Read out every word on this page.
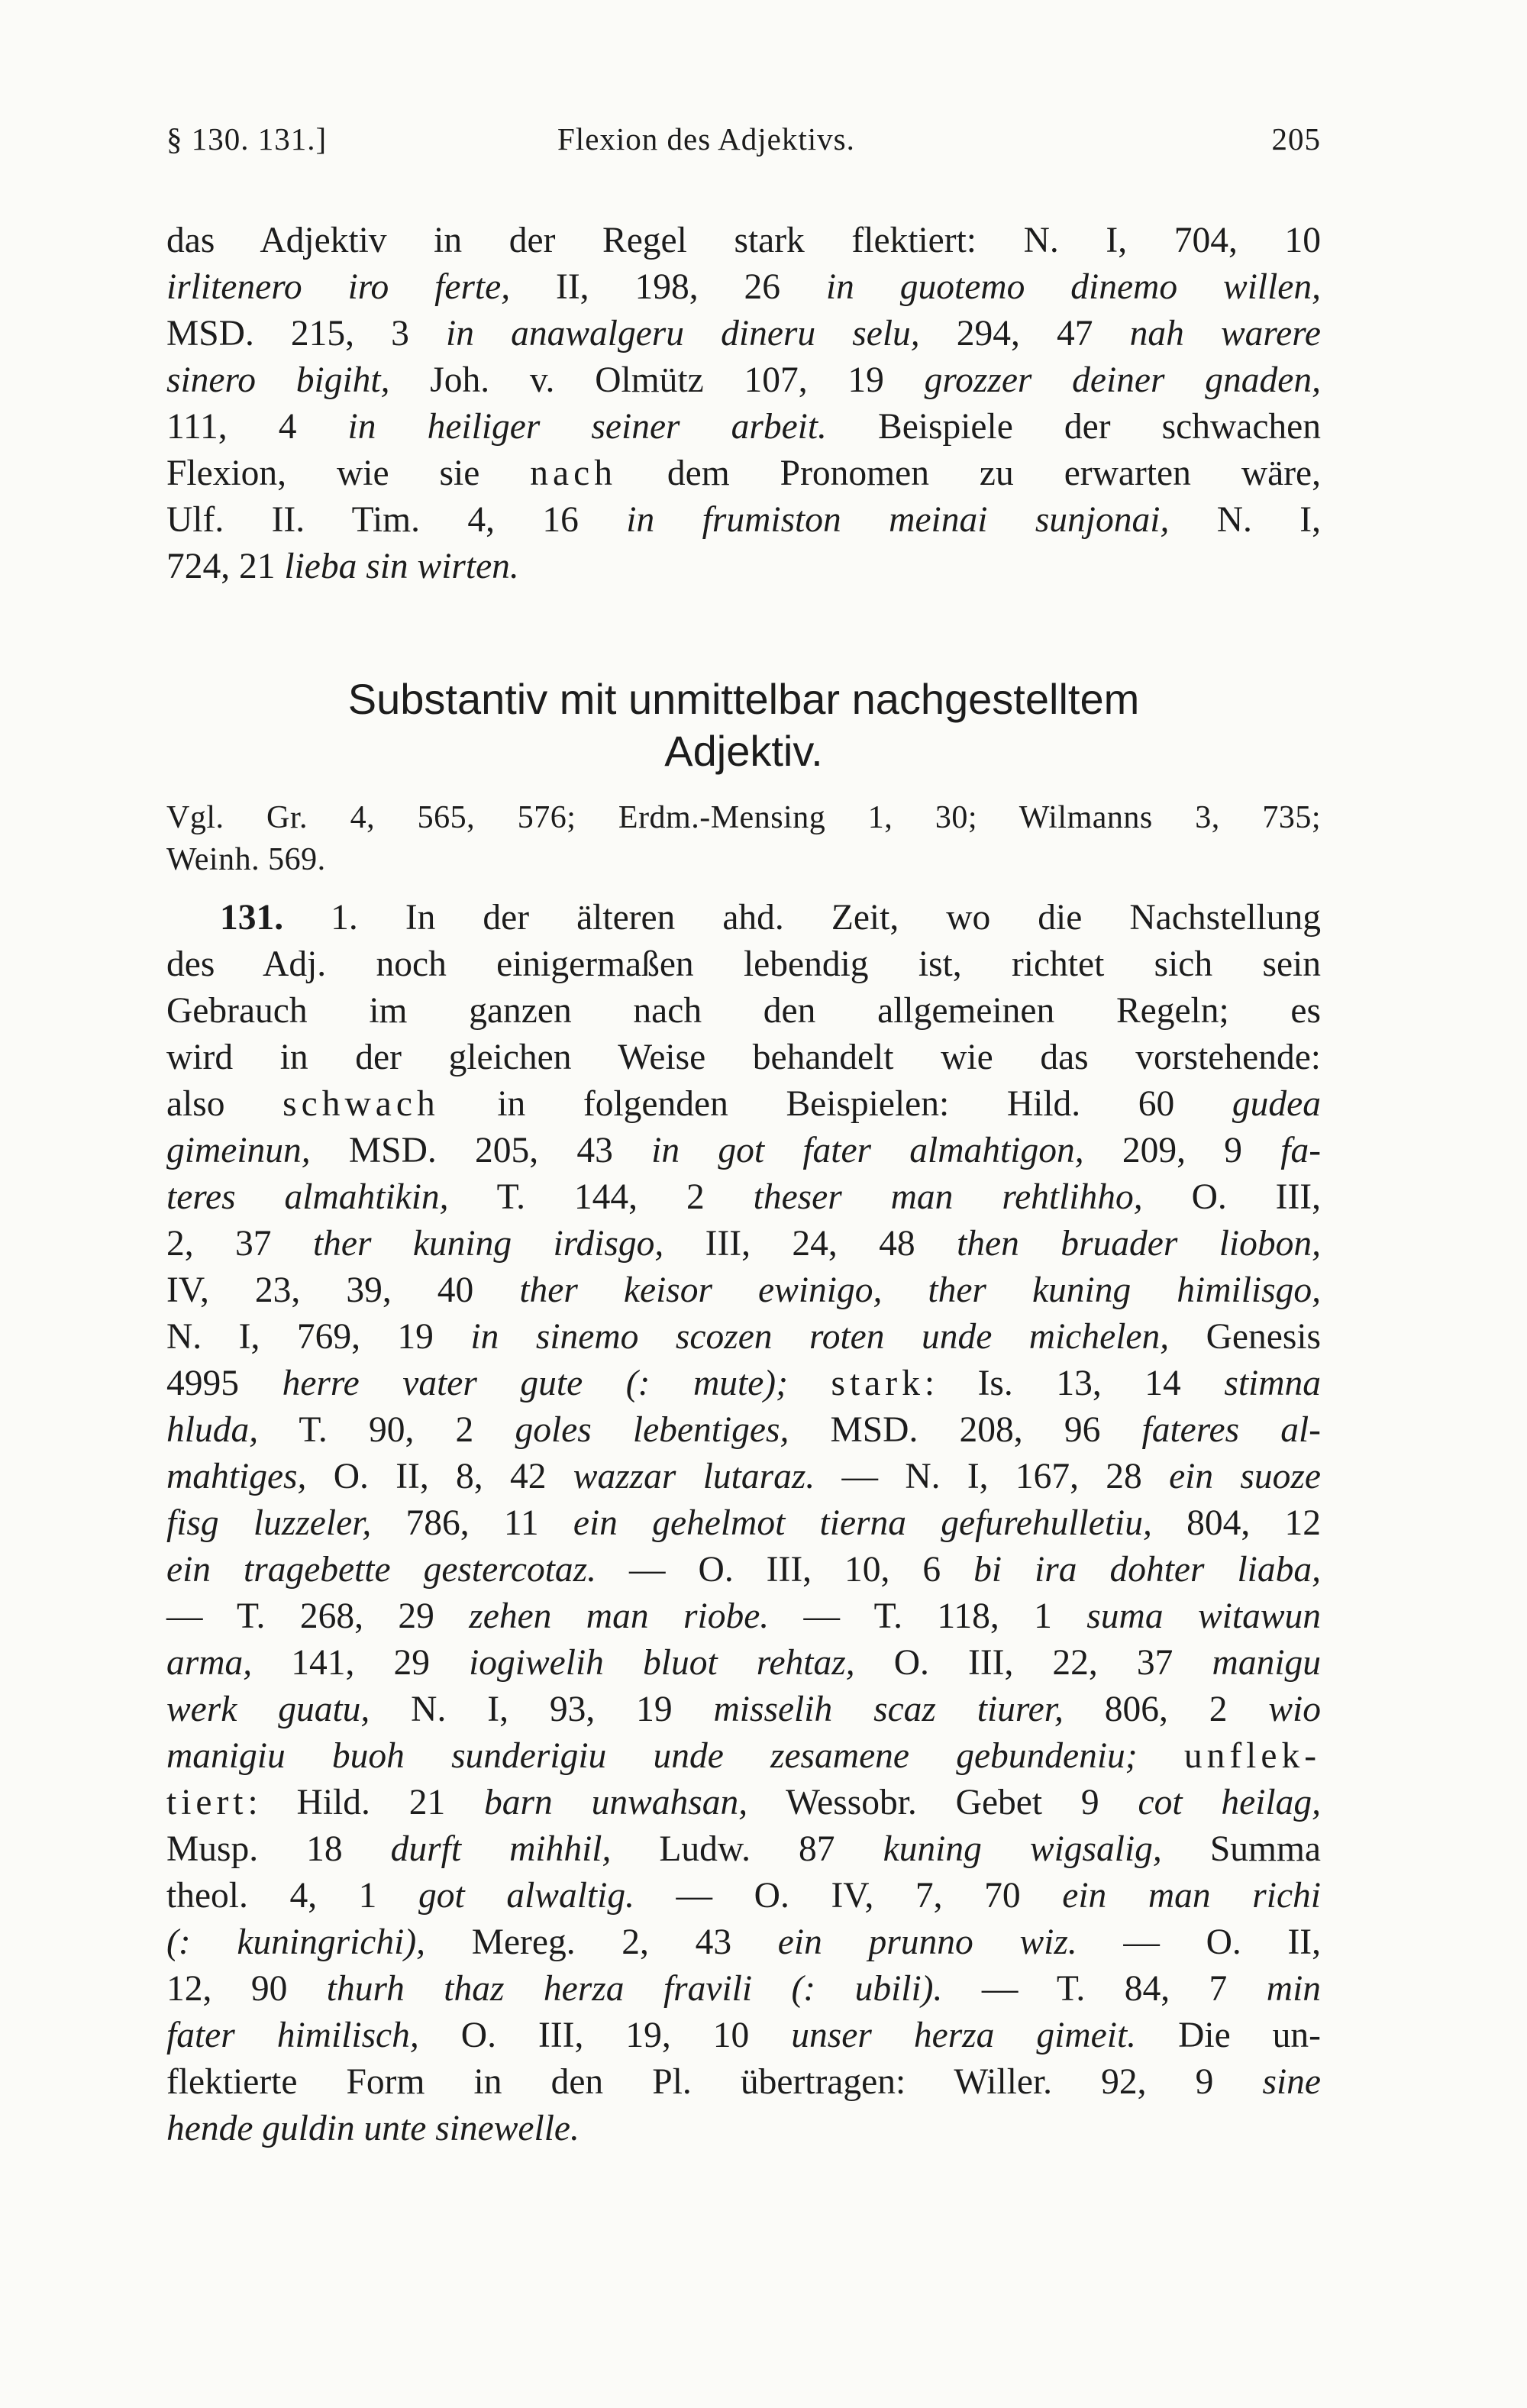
§ 130. 131.]	Flexion des Adjektivs.	205
das Adjektiv in der Regel stark flektiert: N. I, 704, 10
irlitenero iro ferte, II, 198, 26 in guotemo dinemo willen,
MSD. 215, 3 in anawalgeru dineru selu, 294, 47 nah warere
sinero bigiht, Joh. v. Olmütz 107, 19 grozzer deiner gnaden,
111, 4 in heiliger seiner arbeit. Beispiele der schwachen
Flexion, wie sie nach dem Pronomen zu erwarten wäre,
Ulf. II. Tim. 4, 16 in frumiston meinai sunjonai, N. I,
724, 21 lieba sin wirten.
Substantiv mit unmittelbar nachgestelltem
Adjektiv.
Vgl. Gr. 4, 565, 576; Erdm.-Mensing 1, 30; Wilmanns 3, 735;
Weinh. 569.
131. 1. In der älteren ahd. Zeit, wo die Nachstellung
des Adj. noch einigermaßen lebendig ist, richtet sich sein
Gebrauch im ganzen nach den allgemeinen Regeln; es
wird in der gleichen Weise behandelt wie das vorstehende:
also schwach in folgenden Beispielen: Hild. 60 gudea
gimeinun, MSD. 205, 43 in got fater almahtigon, 209, 9 fa-
teres almahtikin, T. 144, 2 theser man rehtlihho, O. III,
2, 37 ther kuning irdisgo, III, 24, 48 then bruader liobon,
IV, 23, 39, 40 ther keisor ewinigo, ther kuning himilisgo,
N. I, 769, 19 in sinemo scozen roten unde michelen, Genesis
4995 herre vater gute (: mute); stark: Is. 13, 14 stimna
hluda, T. 90, 2 goles lebentiges, MSD. 208, 96 fateres al-
mahtiges, O. II, 8, 42 wazzar lutaraz. — N. I, 167, 28 ein suoze
fisg luzzeler, 786, 11 ein gehelmot tierna gefurehulletiu, 804, 12
ein tragebette gestercotaz. — O. III, 10, 6 bi ira dohter liaba,
— T. 268, 29 zehen man riobe. — T. 118, 1 suma witawun
arma, 141, 29 iogiwelih bluot rehtaz, O. III, 22, 37 manigu
werk guatu, N. I, 93, 19 misselih scaz tiurer, 806, 2 wio
manigiu buoh sunderigiu unde zesamene gebundeniu; unflek-
tiert: Hild. 21 barn unwahsan, Wessobr. Gebet 9 cot heilag,
Musp. 18 durft mihhil, Ludw. 87 kuning wigsalig, Summa
theol. 4, 1 got alwaltig. — O. IV, 7, 70 ein man richi
(: kuningrichi), Mereg. 2, 43 ein prunno wiz. — O. II,
12, 90 thurh thaz herza fravili (: ubili). — T. 84, 7 min
fater himilisch, O. III, 19, 10 unser herza gimeit. Die un-
flektierte Form in den Pl. übertragen: Willer. 92, 9 sine
hende guldin unte sinewelle.
